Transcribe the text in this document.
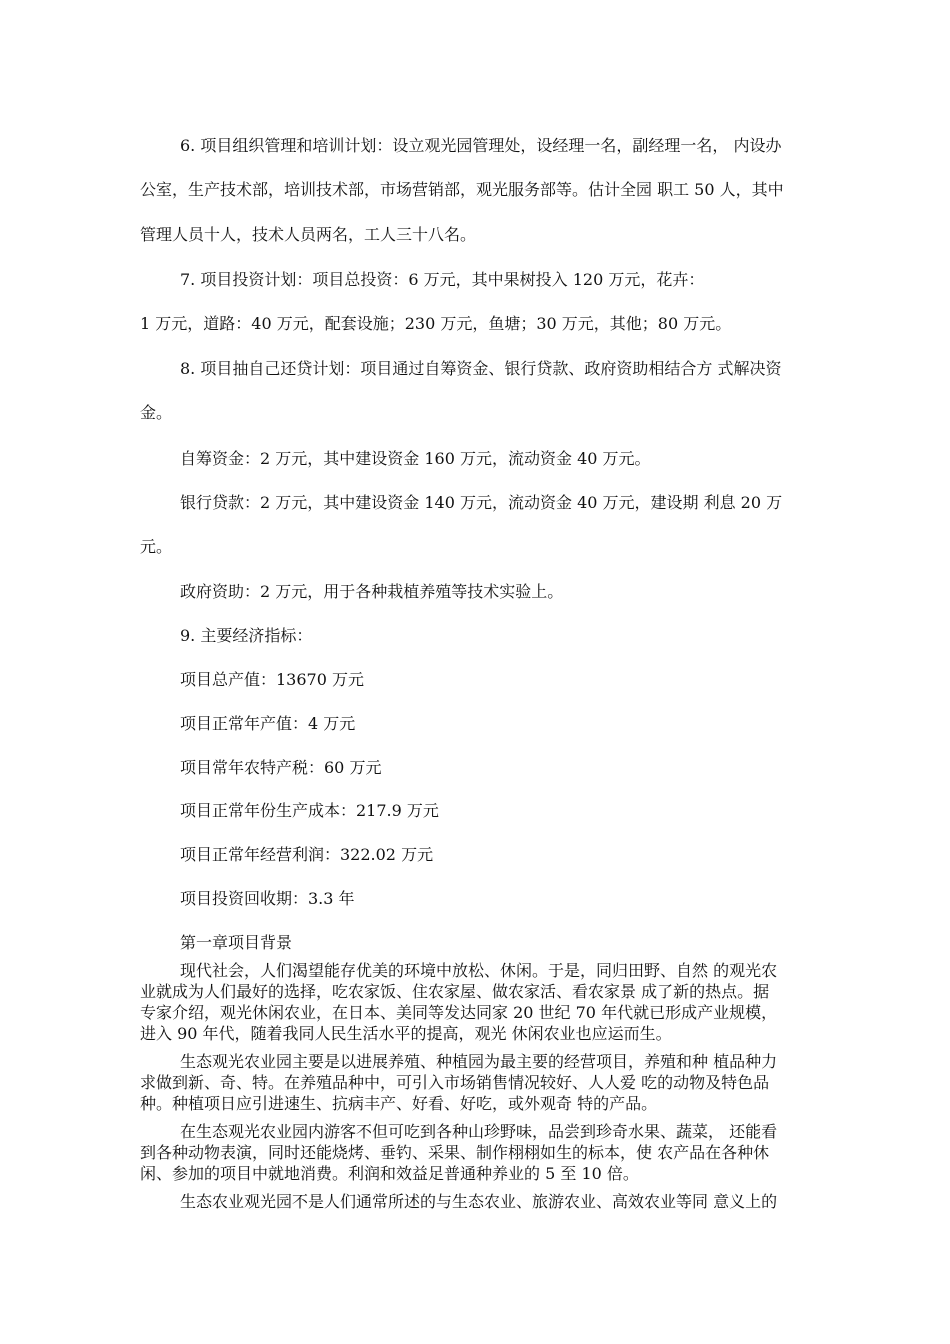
6. 项目组织管理和培训计划：设立观光园管理处，设经理一名，副经理一名， 内设办
公室，生产技术部，培训技术部，市场营销部，观光服务部等。估计全园 职工 50 人，其中
管理人员十人，技术人员两名，工人三十八名。
7. 项目投资计划：项目总投资：6 万元，其中果树投入 120 万元，花卉：
1 万元，道路：40 万元，配套设施；230 万元，鱼塘；30 万元，其他；80 万元。
8. 项目抽自己还贷计划：项目通过自筹资金、银行贷款、政府资助相结合方 式解决资
金。
自筹资金：2 万元，其中建设资金 160 万元，流动资金 40 万元。
银行贷款：2 万元，其中建设资金 140 万元，流动资金 40 万元，建设期 利息 20 万
元。
政府资助：2 万元，用于各种栽植养殖等技术实验上。
9. 主要经济指标：
项目总产值：13670 万元
项目正常年产值：4 万元
项目常年农特产税：60 万元
项目正常年份生产成本：217.9 万元
项目正常年经营利润：322.02 万元
项目投资回收期：3.3 年
第一章项目背景
现代社会，人们渴望能存优美的环境中放松、休闲。于是，同归田野、自然 的观光农
业就成为人们最好的选择，吃农家饭、住农家屋、做农家活、看农家景 成了新的热点。据
专家介绍，观光休闲农业，在日本、美同等发达同家 20 世纪 70 年代就已形成产业规模，
进入 90 年代，随着我同人民生活水平的提高，观光 休闲农业也应运而生。
生态观光农业园主要是以进展养殖、种植园为最主要的经营项目，养殖和种 植品种力
求做到新、奇、特。在养殖品种中，可引入市场销售情况较好、人人爱 吃的动物及特色品
种。种植项日应引进速生、抗病丰产、好看、好吃，或外观奇 特的产品。
在生态观光农业园内游客不但可吃到各种山珍野味，品尝到珍奇水果、蔬菜， 还能看
到各种动物表演，同时还能烧烤、垂钓、采果、制作栩栩如生的标本，使 农产品在各种休
闲、参加的项目中就地消费。利润和效益足普通种养业的 5 至 10 倍。
生态农业观光园不是人们通常所述的与生态农业、旅游农业、高效农业等同 意义上的
